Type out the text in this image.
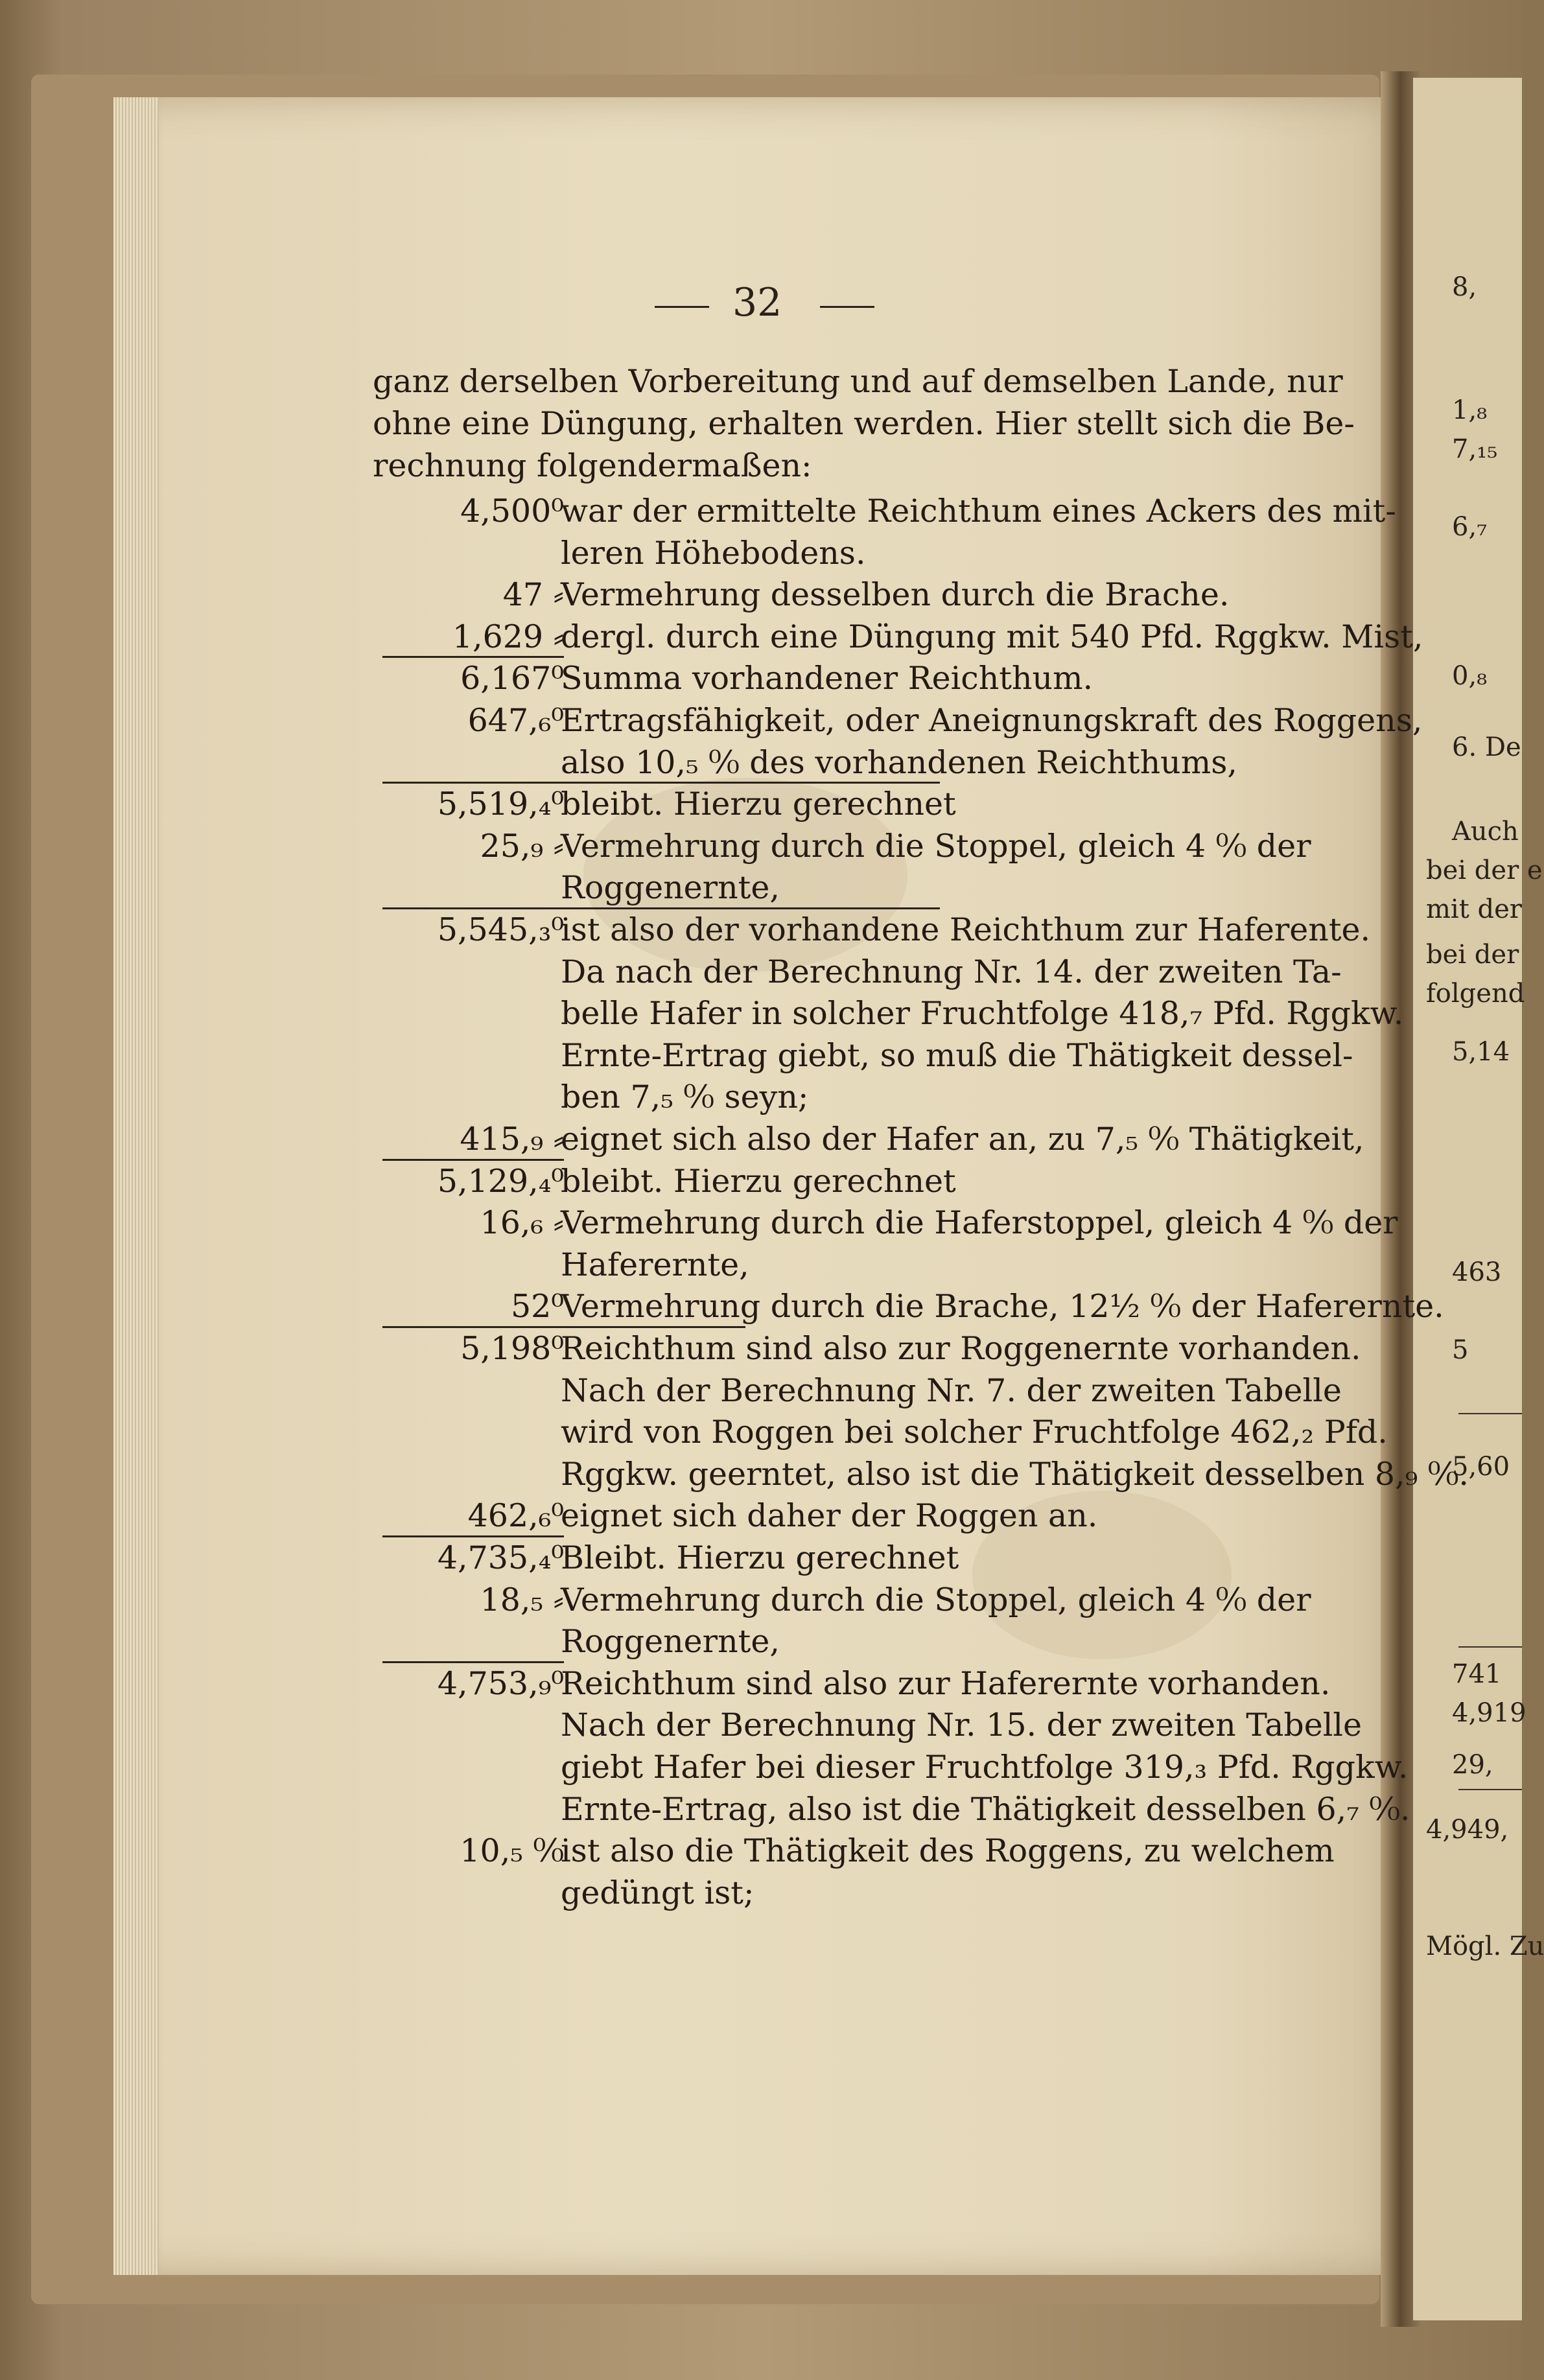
8,
1,₈
7,₁₅
6,₇
0,₈
6. De
Auch
bei der e
mit der
bei der
folgend
5,14
463
5
5,60
741
4,919
29,
4,949,
Mögl. Zu
32
ganz derselben Vorbereitung und auf demselben Lande, nur
ohne eine Düngung, erhalten werden. Hier stellt sich die Be-
rechnung folgendermaßen:
4,500⁰
war der ermittelte Reichthum eines Ackers des mit-
leren Höhebodens.
47 ⸗
Vermehrung desselben durch die Brache.
1,629 ⸗
dergl. durch eine Düngung mit 540 Pfd. Rggkw. Mist,
6,167⁰
Summa vorhandener Reichthum.
647,₆⁰
Ertragsfähigkeit, oder Aneignungskraft des Roggens,
also 10,₅ ⁰⁄₀ des vorhandenen Reichthums,
5,519,₄⁰
bleibt. Hierzu gerechnet
25,₉ ⸗
Vermehrung durch die Stoppel, gleich 4 ⁰⁄₀ der
Roggenernte,
5,545,₃⁰
ist also der vorhandene Reichthum zur Haferente.
Da nach der Berechnung Nr. 14. der zweiten Ta-
belle Hafer in solcher Fruchtfolge 418,₇ Pfd. Rggkw.
Ernte-Ertrag giebt, so muß die Thätigkeit dessel-
ben 7,₅ ⁰⁄₀ seyn;
415,₉ ⸗
eignet sich also der Hafer an, zu 7,₅ ⁰⁄₀ Thätigkeit,
5,129,₄⁰
bleibt. Hierzu gerechnet
16,₆ ⸗
Vermehrung durch die Haferstoppel, gleich 4 ⁰⁄₀ der
Haferernte,
52⁰
Vermehrung durch die Brache, 12½ ⁰⁄₀ der Haferernte.
5,198⁰
Reichthum sind also zur Roggenernte vorhanden.
Nach der Berechnung Nr. 7. der zweiten Tabelle
wird von Roggen bei solcher Fruchtfolge 462,₂ Pfd.
Rggkw. geerntet, also ist die Thätigkeit desselben 8,₉ ⁰⁄₀.
462,₆⁰
eignet sich daher der Roggen an.
4,735,₄⁰
Bleibt. Hierzu gerechnet
18,₅ ⸗
Vermehrung durch die Stoppel, gleich 4 ⁰⁄₀ der
Roggenernte,
4,753,₉⁰
Reichthum sind also zur Haferernte vorhanden.
Nach der Berechnung Nr. 15. der zweiten Tabelle
giebt Hafer bei dieser Fruchtfolge 319,₃ Pfd. Rggkw.
Ernte-Ertrag, also ist die Thätigkeit desselben 6,₇ ⁰⁄₀.
10,₅ ⁰⁄₀
ist also die Thätigkeit des Roggens, zu welchem
gedüngt ist;
